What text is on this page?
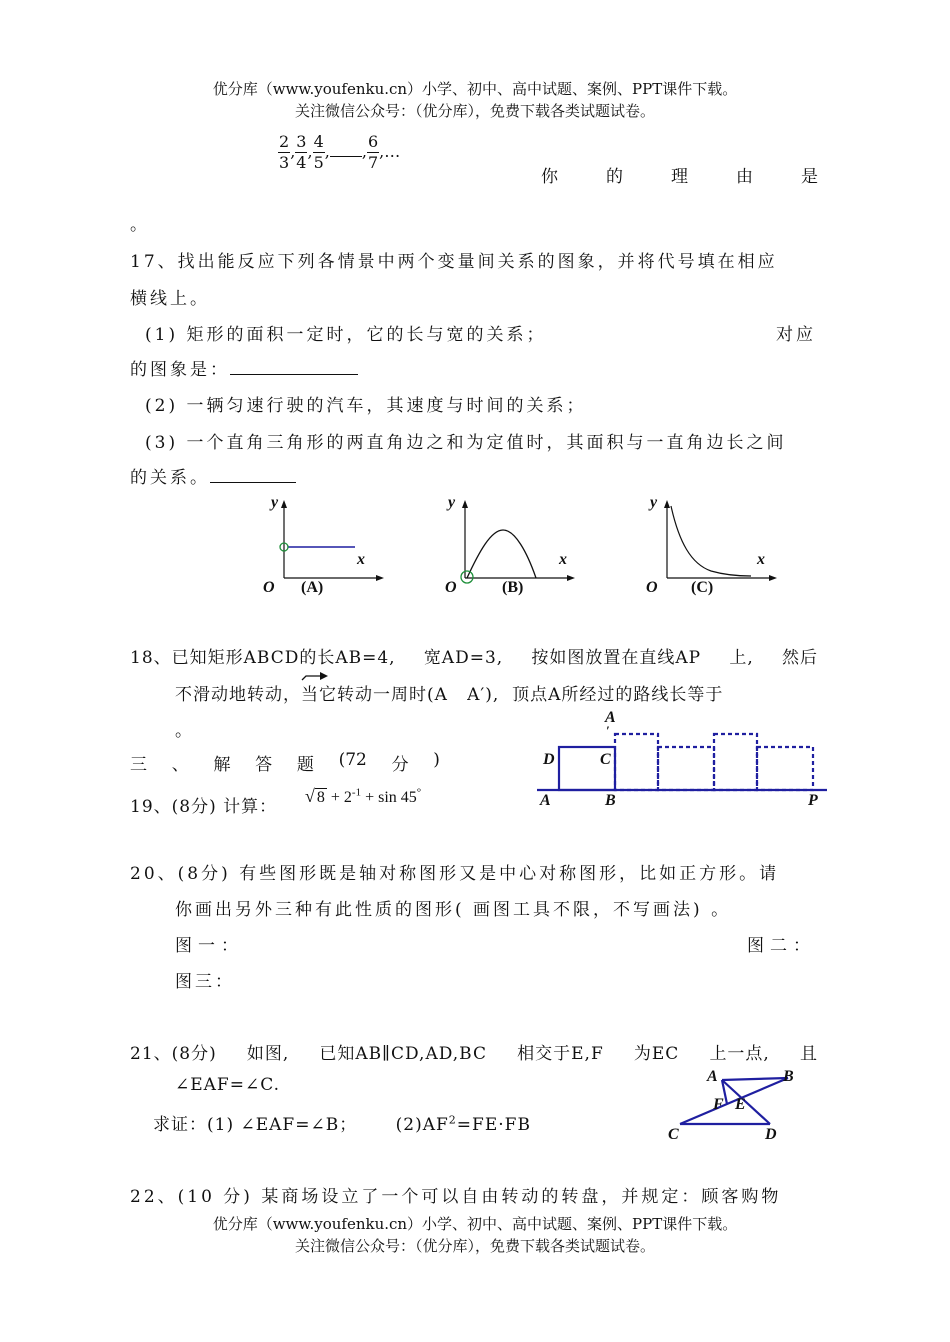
优分库（www.youfenku.cn）小学、初中、高中试题、案例、PPT课件下载。
关注微信公众号：（优分库），免费下载各类试题试卷。
$\frac{2}{3}$ , $\frac{3}{4}$ , $\frac{4}{5}$ , , $\frac{6}{7}$ ,…
你	的	理	由	是
。
17、找出能反应下列各情景中两个变量间关系的图象，并将代号填在相应
横线上。
(1) 矩形的面积一定时，它的长与宽的关系；	对应
的图象是：
(2) 一辆匀速行驶的汽车，其速度与时间的关系；
(3) 一个直角三角形的两直角边之和为定值时，其面积与一直角边长之间
的关系。
y
x
O (A)
y
x
O	(B)
y
x
O (C)
18、已知矩形ABCD的长AB=4, 宽AD=3, 按如图放置在直线AP 上, 然后
不滑动地转动，当它转动一周时(A A′), 顶点A所经过的路线长等于
。
A
′
D	C
A	B	P
三 、 解 答 题 (72 分 )
19、(8分) 计算：
√ $8 + 2^{-1} + \sin 45^\circ$
20、(8分) 有些图形既是轴对称图形又是中心对称图形，比如正方形。请
你画出另外三种有此性质的图形( 画图工具不限，不写画法) 。
图一：	图二：
图三：
21、(8分) 如图, 已知AB∥CD,AD,BC 相交于E,F 为EC 上一点, 且
∠EAF=∠C.
求证：(1) ∠EAF=∠B； $(2)AF^2=FE\cdot FB$
A	B
F E
C	D
22、(10 分) 某商场设立了一个可以自由转动的转盘，并规定：顾客购物
优分库（www.youfenku.cn）小学、初中、高中试题、案例、PPT课件下载。
关注微信公众号：（优分库），免费下载各类试题试卷。
